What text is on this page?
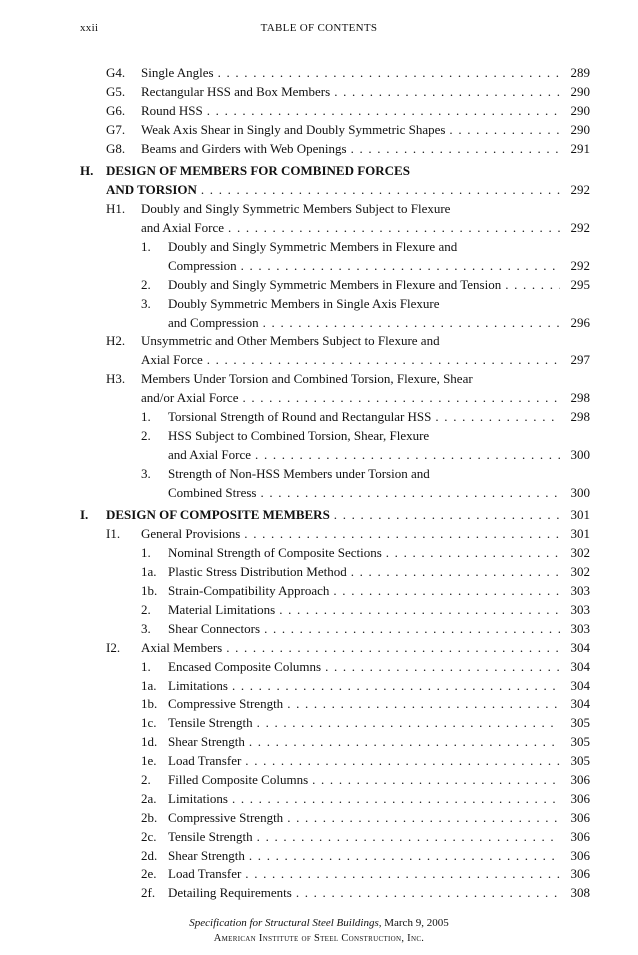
xxii	TABLE OF CONTENTS
G4. Single Angles . . .	289
G5. Rectangular HSS and Box Members . . .	290
G6. Round HSS . . .	290
G7. Weak Axis Shear in Singly and Doubly Symmetric Shapes . . .	290
G8. Beams and Girders with Web Openings . . .	291
H. DESIGN OF MEMBERS FOR COMBINED FORCES
AND TORSION . . .	292
H1. Doubly and Singly Symmetric Members Subject to Flexure
and Axial Force . . .	292
1. Doubly and Singly Symmetric Members in Flexure and
Compression . . .	292
2. Doubly and Singly Symmetric Members in Flexure and Tension . . .	295
3. Doubly Symmetric Members in Single Axis Flexure
and Compression . . .	296
H2. Unsymmetric and Other Members Subject to Flexure and
Axial Force . . .	297
H3. Members Under Torsion and Combined Torsion, Flexure, Shear
and/or Axial Force . . .	298
1. Torsional Strength of Round and Rectangular HSS . . .	298
2. HSS Subject to Combined Torsion, Shear, Flexure
and Axial Force . . .	300
3. Strength of Non-HSS Members under Torsion and
Combined Stress . . .	300
I. DESIGN OF COMPOSITE MEMBERS . . .	301
I1. General Provisions . . .	301
1. Nominal Strength of Composite Sections . . .	302
1a. Plastic Stress Distribution Method . . .	302
1b. Strain-Compatibility Approach . . .	303
2. Material Limitations . . .	303
3. Shear Connectors . . .	303
I2. Axial Members . . .	304
1. Encased Composite Columns . . .	304
1a. Limitations . . .	304
1b. Compressive Strength . . .	304
1c. Tensile Strength . . .	305
1d. Shear Strength . . .	305
1e. Load Transfer . . .	305
2. Filled Composite Columns . . .	306
2a. Limitations . . .	306
2b. Compressive Strength . . .	306
2c. Tensile Strength . . .	306
2d. Shear Strength . . .	306
2e. Load Transfer . . .	306
2f. Detailing Requirements . . .	308
Specification for Structural Steel Buildings, March 9, 2005
American Institute of Steel Construction, Inc.
